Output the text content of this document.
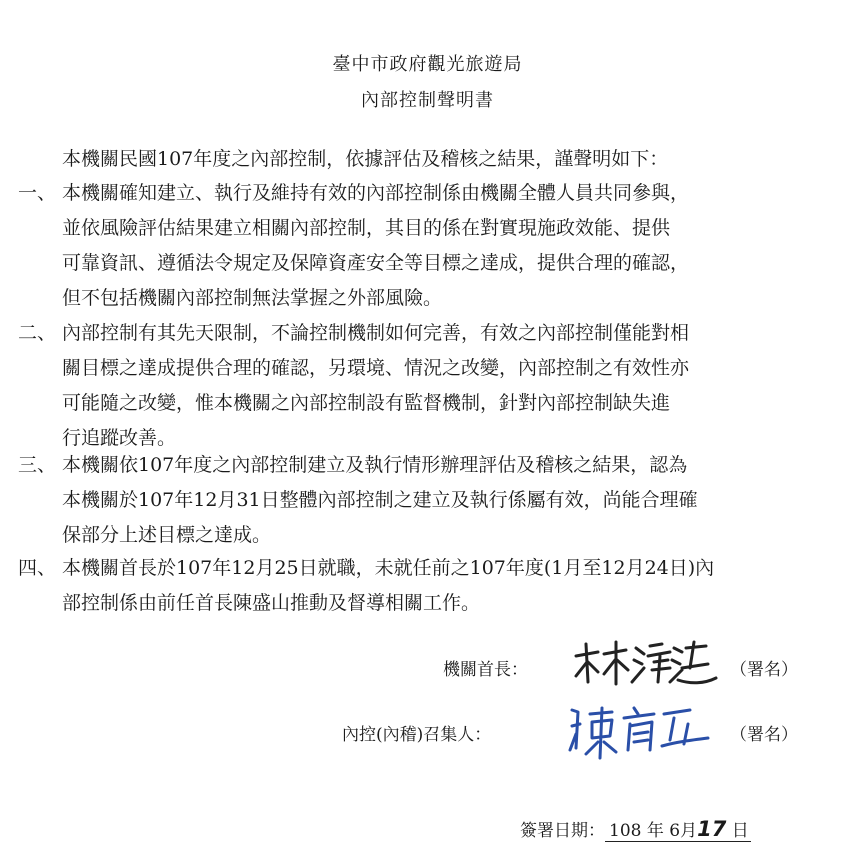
臺中市政府觀光旅遊局
內部控制聲明書
本機關民國107年度之內部控制，依據評估及稽核之結果，謹聲明如下：
一、 本機關確知建立、執行及維持有效的內部控制係由機關全體人員共同參與，
並依風險評估結果建立相關內部控制，其目的係在對實現施政效能、提供
可靠資訊、遵循法令規定及保障資產安全等目標之達成，提供合理的確認，
但不包括機關內部控制無法掌握之外部風險。
二、 內部控制有其先天限制，不論控制機制如何完善，有效之內部控制僅能對相
關目標之達成提供合理的確認，另環境、情況之改變，內部控制之有效性亦
可能隨之改變，惟本機關之內部控制設有監督機制，針對內部控制缺失進
行追蹤改善。
三、 本機關依107年度之內部控制建立及執行情形辦理評估及稽核之結果，認為
本機關於107年12月31日整體內部控制之建立及執行係屬有效，尚能合理確
保部分上述目標之達成。
四、 本機關首長於107年12月25日就職，未就任前之107年度(1月至12月24日)內
部控制係由前任首長陳盛山推動及督導相關工作。
機關首長：	（署名）
內控(內稽)召集人：	（署名）
簽署日期： 108 年 6月17 日
